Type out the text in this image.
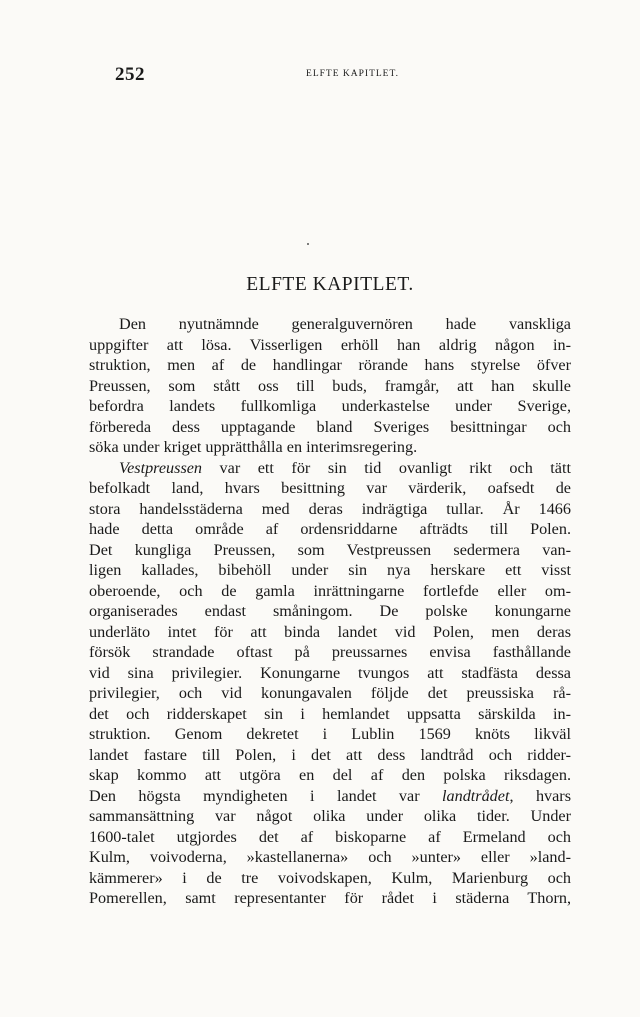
252	ELFTE KAPITLET.
ELFTE KAPITLET.
Den nyutnämnde generalguvernören hade vanskliga
uppgifter att lösa. Visserligen erhöll han aldrig någon in-
struktion, men af de handlingar rörande hans styrelse öfver
Preussen, som stått oss till buds, framgår, att han skulle
befordra landets fullkomliga underkastelse under Sverige,
förbereda dess upptagande bland Sveriges besittningar och
söka under kriget upprätthålla en interimsregering.
Vestpreussen var ett för sin tid ovanligt rikt och tätt
befolkadt land, hvars besittning var värderik, oafsedt de
stora handelsstäderna med deras indrägtiga tullar. År 1466
hade detta område af ordensriddarne afträdts till Polen.
Det kungliga Preussen, som Vestpreussen sedermera van-
ligen kallades, bibehöll under sin nya herskare ett visst
oberoende, och de gamla inrättningarne fortlefde eller om-
organiserades endast småningom. De polske konungarne
underläto intet för att binda landet vid Polen, men deras
försök strandade oftast på preussarnes envisa fasthållande
vid sina privilegier. Konungarne tvungos att stadfästa dessa
privilegier, och vid konungavalen följde det preussiska rå-
det och ridderskapet sin i hemlandet uppsatta särskilda in-
struktion. Genom dekretet i Lublin 1569 knöts likväl
landet fastare till Polen, i det att dess landtråd och ridder-
skap kommo att utgöra en del af den polska riksdagen.
Den högsta myndigheten i landet var landtrådet, hvars
sammansättning var något olika under olika tider. Under
1600-talet utgjordes det af biskoparne af Ermeland och
Kulm, voivoderna, »kastellanerna» och »unter» eller »land-
kämmerer» i de tre voivodskapen, Kulm, Marienburg och
Pomerellen, samt representanter för rådet i städerna Thorn,
